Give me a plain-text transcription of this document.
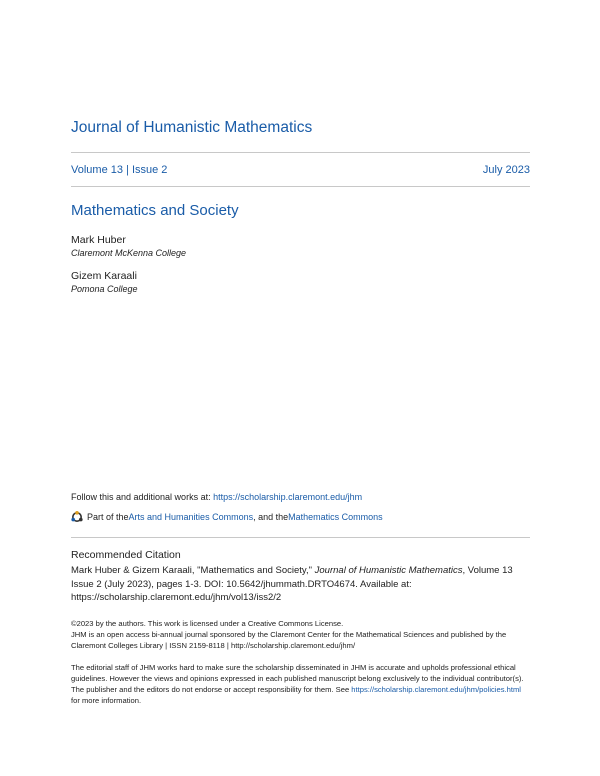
Journal of Humanistic Mathematics
Volume 13 | Issue 2	July 2023
Mathematics and Society
Mark Huber
Claremont McKenna College
Gizem Karaali
Pomona College
Follow this and additional works at: https://scholarship.claremont.edu/jhm
Part of the Arts and Humanities Commons , and the Mathematics Commons
Recommended Citation
Mark Huber & Gizem Karaali, "Mathematics and Society," Journal of Humanistic Mathematics, Volume 13 Issue 2 (July 2023), pages 1-3. DOI: 10.5642/jhummath.DRTO4674. Available at: https://scholarship.claremont.edu/jhm/vol13/iss2/2
©2023 by the authors. This work is licensed under a Creative Commons License.
JHM is an open access bi-annual journal sponsored by the Claremont Center for the Mathematical Sciences and published by the Claremont Colleges Library | ISSN 2159-8118 | http://scholarship.claremont.edu/jhm/
The editorial staff of JHM works hard to make sure the scholarship disseminated in JHM is accurate and upholds professional ethical guidelines. However the views and opinions expressed in each published manuscript belong exclusively to the individual contributor(s). The publisher and the editors do not endorse or accept responsibility for them. See https://scholarship.claremont.edu/jhm/policies.html for more information.
